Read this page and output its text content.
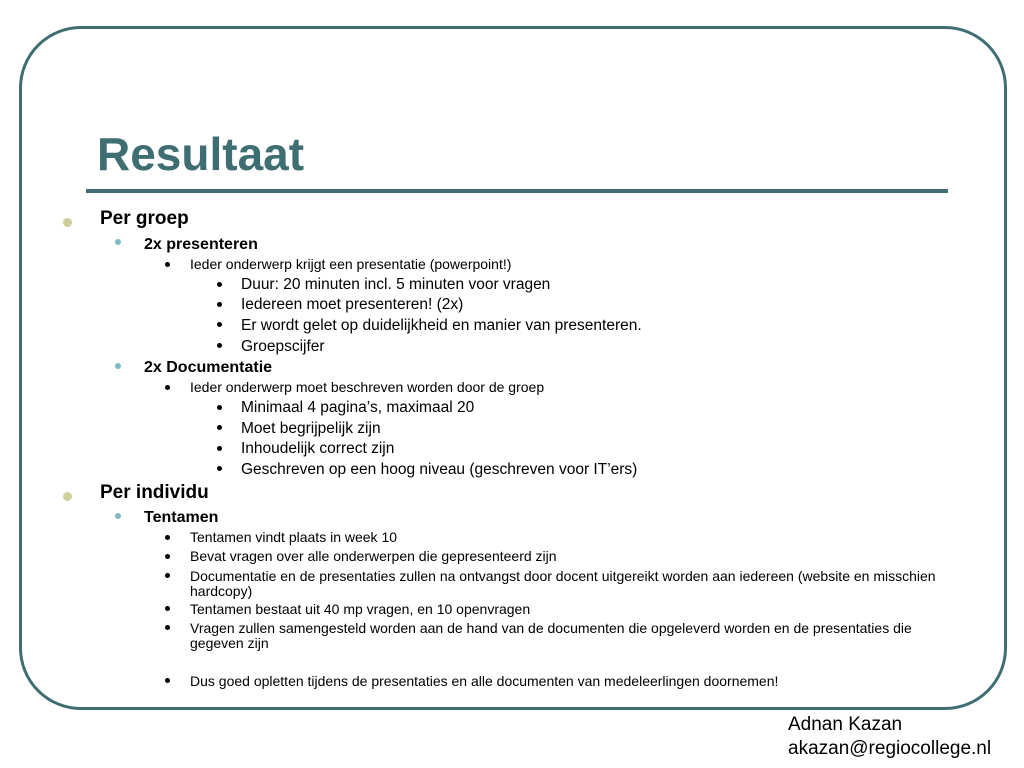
Resultaat
Per groep
2x presenteren
Ieder onderwerp krijgt een presentatie (powerpoint!)
Duur: 20 minuten incl. 5 minuten voor vragen
Iedereen moet presenteren! (2x)
Er wordt gelet op duidelijkheid en manier van presenteren.
Groepscijfer
2x Documentatie
Ieder onderwerp moet beschreven worden door de groep
Minimaal 4 pagina’s, maximaal 20
Moet begrijpelijk zijn
Inhoudelijk correct zijn
Geschreven op een hoog niveau (geschreven voor IT’ers)
Per individu
Tentamen
Tentamen vindt plaats in week 10
Bevat vragen over alle onderwerpen die gepresenteerd zijn
Documentatie en de presentaties zullen na ontvangst door docent uitgereikt worden aan iedereen (website en misschien hardcopy)
Tentamen bestaat uit 40 mp vragen, en 10 openvragen
Vragen zullen samengesteld worden aan de hand van de documenten die opgeleverd worden en de presentaties die gegeven zijn
Dus goed opletten tijdens de presentaties en alle documenten van medeleerlingen doornemen!
Adnan Kazan
akazan@regiocollege.nl
